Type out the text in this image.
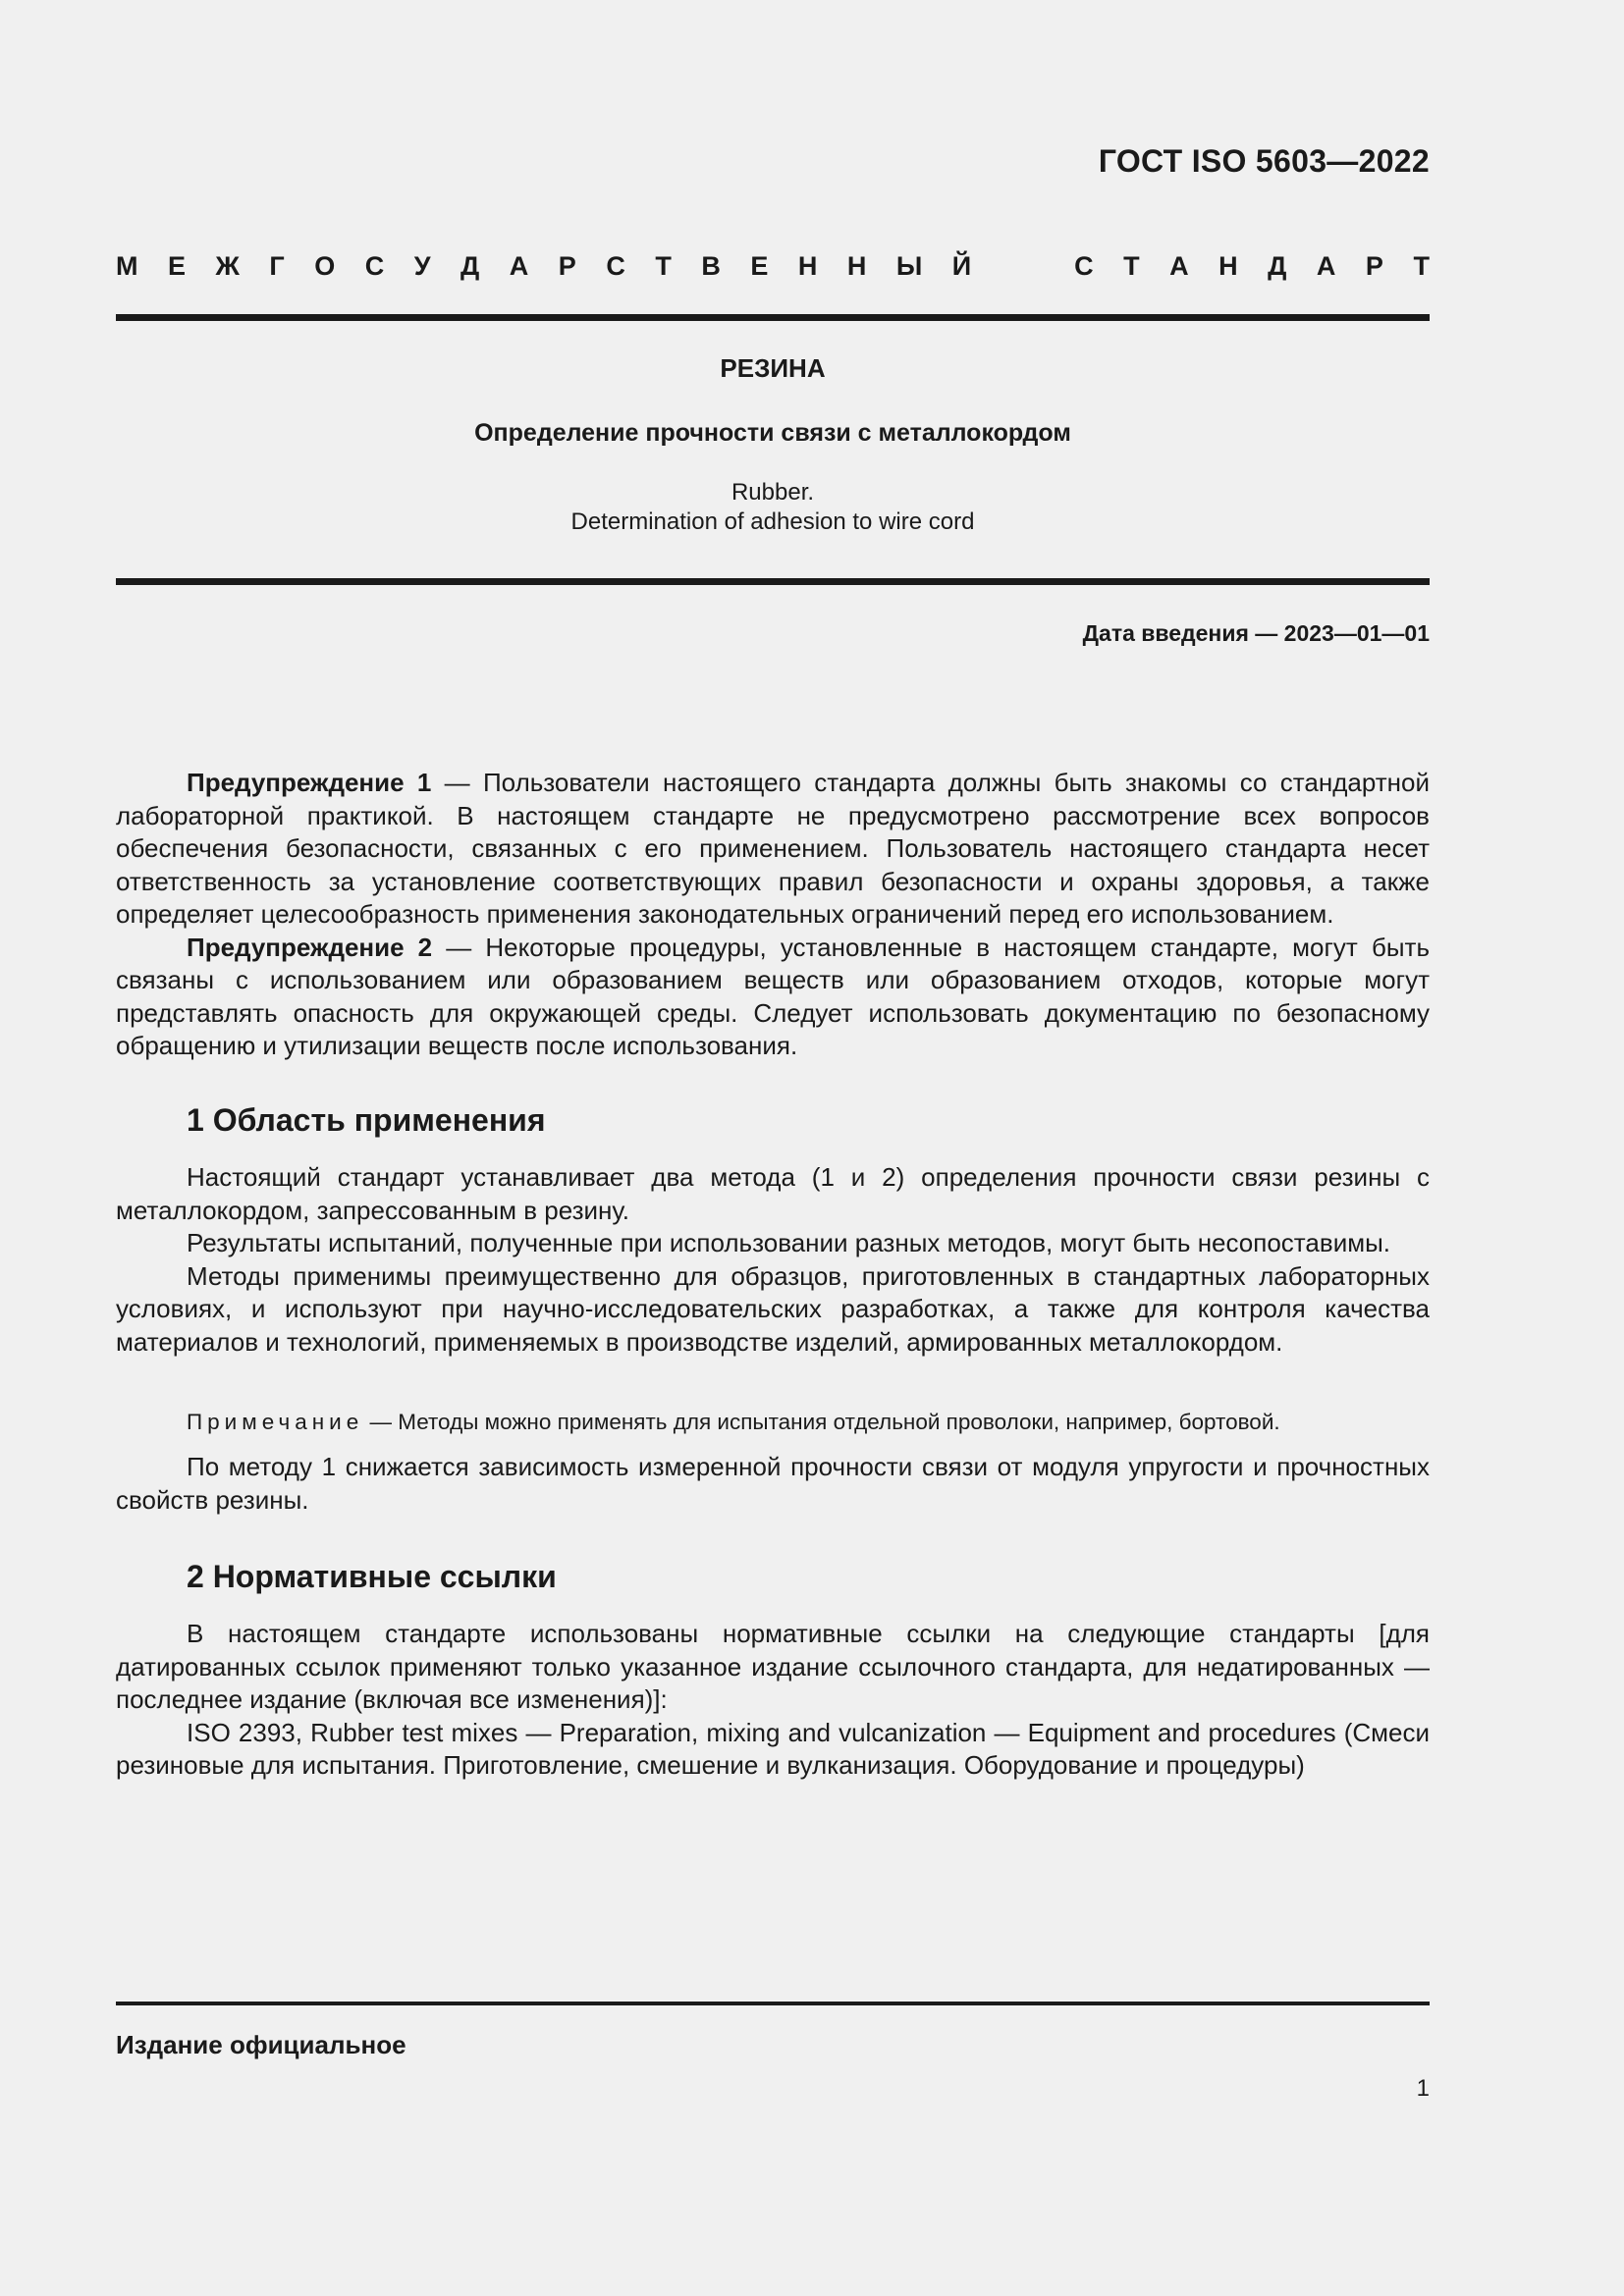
ГОСТ ISO 5603—2022
М Е Ж Г О С У Д А Р С Т В Е Н Н Ы Й	С Т А Н Д А Р Т
РЕЗИНА
Определение прочности связи с металлокордом
Rubber.
Determination of adhesion to wire cord
Дата введения — 2023—01—01

Предупреждение 1 — Пользователи настоящего стандарта должны быть знакомы со стандартной лабораторной практикой. В настоящем стандарте не предусмотрено рассмотрение всех вопросов обеспечения безопасности, связанных с его применением. Пользователь настоящего стандарта несет ответственность за установление соответствующих правил безопасности и охраны здоровья, а также определяет целесообразность применения законодательных ограничений перед его использованием.

Предупреждение 2 — Некоторые процедуры, установленные в настоящем стандарте, могут быть связаны с использованием или образованием веществ или образованием отходов, которые могут представлять опасность для окружающей среды. Следует использовать документацию по безопасному обращению и утилизации веществ после использования.

1 Область применения

Настоящий стандарт устанавливает два метода (1 и 2) определения прочности связи резины с металлокордом, запрессованным в резину.

Результаты испытаний, полученные при использовании разных методов, могут быть несопоставимы.

Методы применимы преимущественно для образцов, приготовленных в стандартных лабораторных условиях, и используют при научно-исследовательских разработках, а также для контроля качества материалов и технологий, применяемых в производстве изделий, армированных металлокордом.

Примечание — Методы можно применять для испытания отдельной проволоки, например, бортовой.

По методу 1 снижается зависимость измеренной прочности связи от модуля упругости и прочностных свойств резины.

2 Нормативные ссылки

В настоящем стандарте использованы нормативные ссылки на следующие стандарты [для датированных ссылок применяют только указанное издание ссылочного стандарта, для недатированных — последнее издание (включая все изменения)]:

ISO 2393, Rubber test mixes — Preparation, mixing and vulcanization — Equipment and procedures (Смеси резиновые для испытания. Приготовление, смешение и вулканизация. Оборудование и процедуры)

Издание официальное
1
